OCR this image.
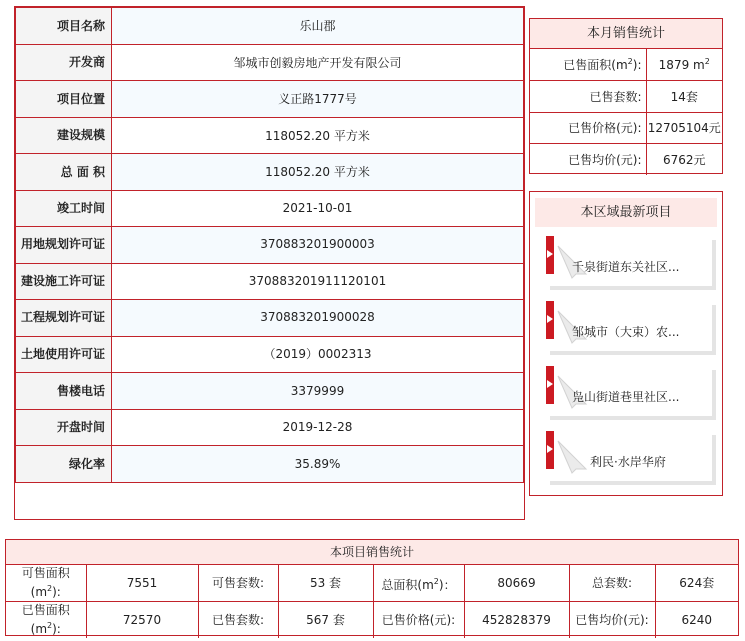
项目名称	乐山郡
开发商	邹城市创毅房地产开发有限公司
项目位置	义正路1777号
建设规模	118052.20 平方米
总 面 积	118052.20 平方米
竣工时间	2021-10-01
用地规划许可证	370883201900003
建设施工许可证	370883201911120101
工程规划许可证	370883201900028
土地使用许可证	（2019）0002313
售楼电话	3379999
开盘时间	2019-12-28
绿化率	35.89%
本月销售统计
已售面积$(m^2)$:	1879 $m^2$
已售套数:	14套
已售价格(元):	12705104元
已售均价(元):	6762元
本区域最新项目
千泉街道东关社区...
邹城市（大束）农...
凫山街道巷里社区...
利民·水岸华府
本项目销售统计
可售面积$(m^2)$:	7551	可售套数:	53 套	总面积$(m^2)$：	80669	总套数:	624套
已售面积$(m^2)$:	72570	已售套数:	567 套	已售价格(元):	452828379	已售均价(元):	6240
